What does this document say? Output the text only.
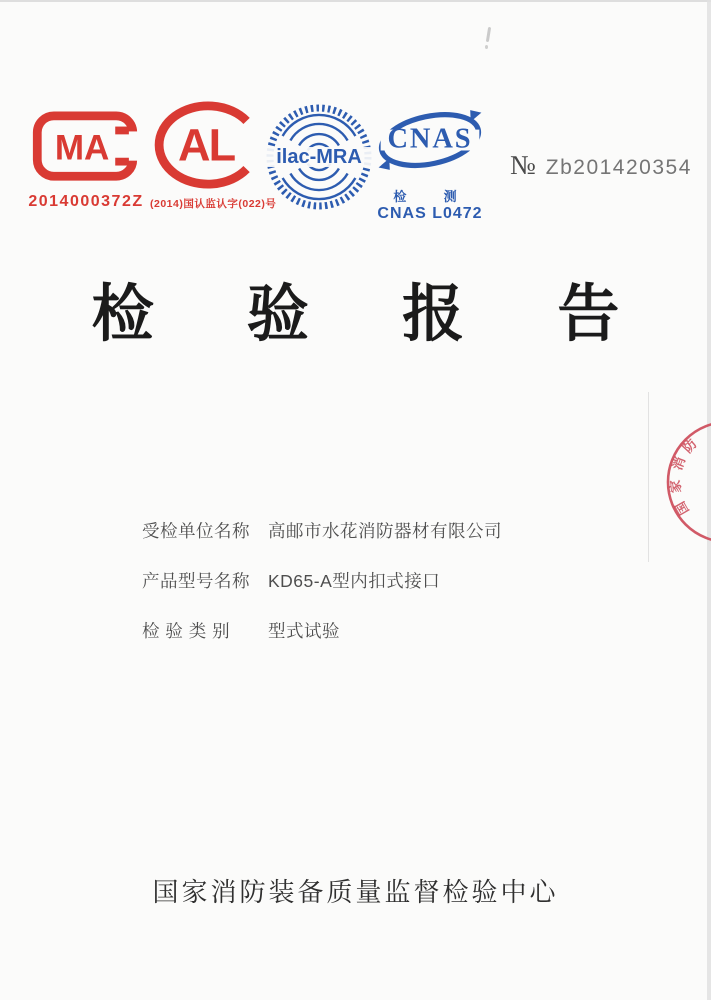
MA
2014000372Z
AL
(2014)国认监认字(022)号
ilac-MRA
CNAS
检  测
CNAS L0472
№ Zb201420354
检 验 报 告
国
家
消
防
受检单位名称 高邮市水花消防器材有限公司
产品型号名称 KD65-A型内扣式接口
检 验 类 别	型式试验
国家消防装备质量监督检验中心
